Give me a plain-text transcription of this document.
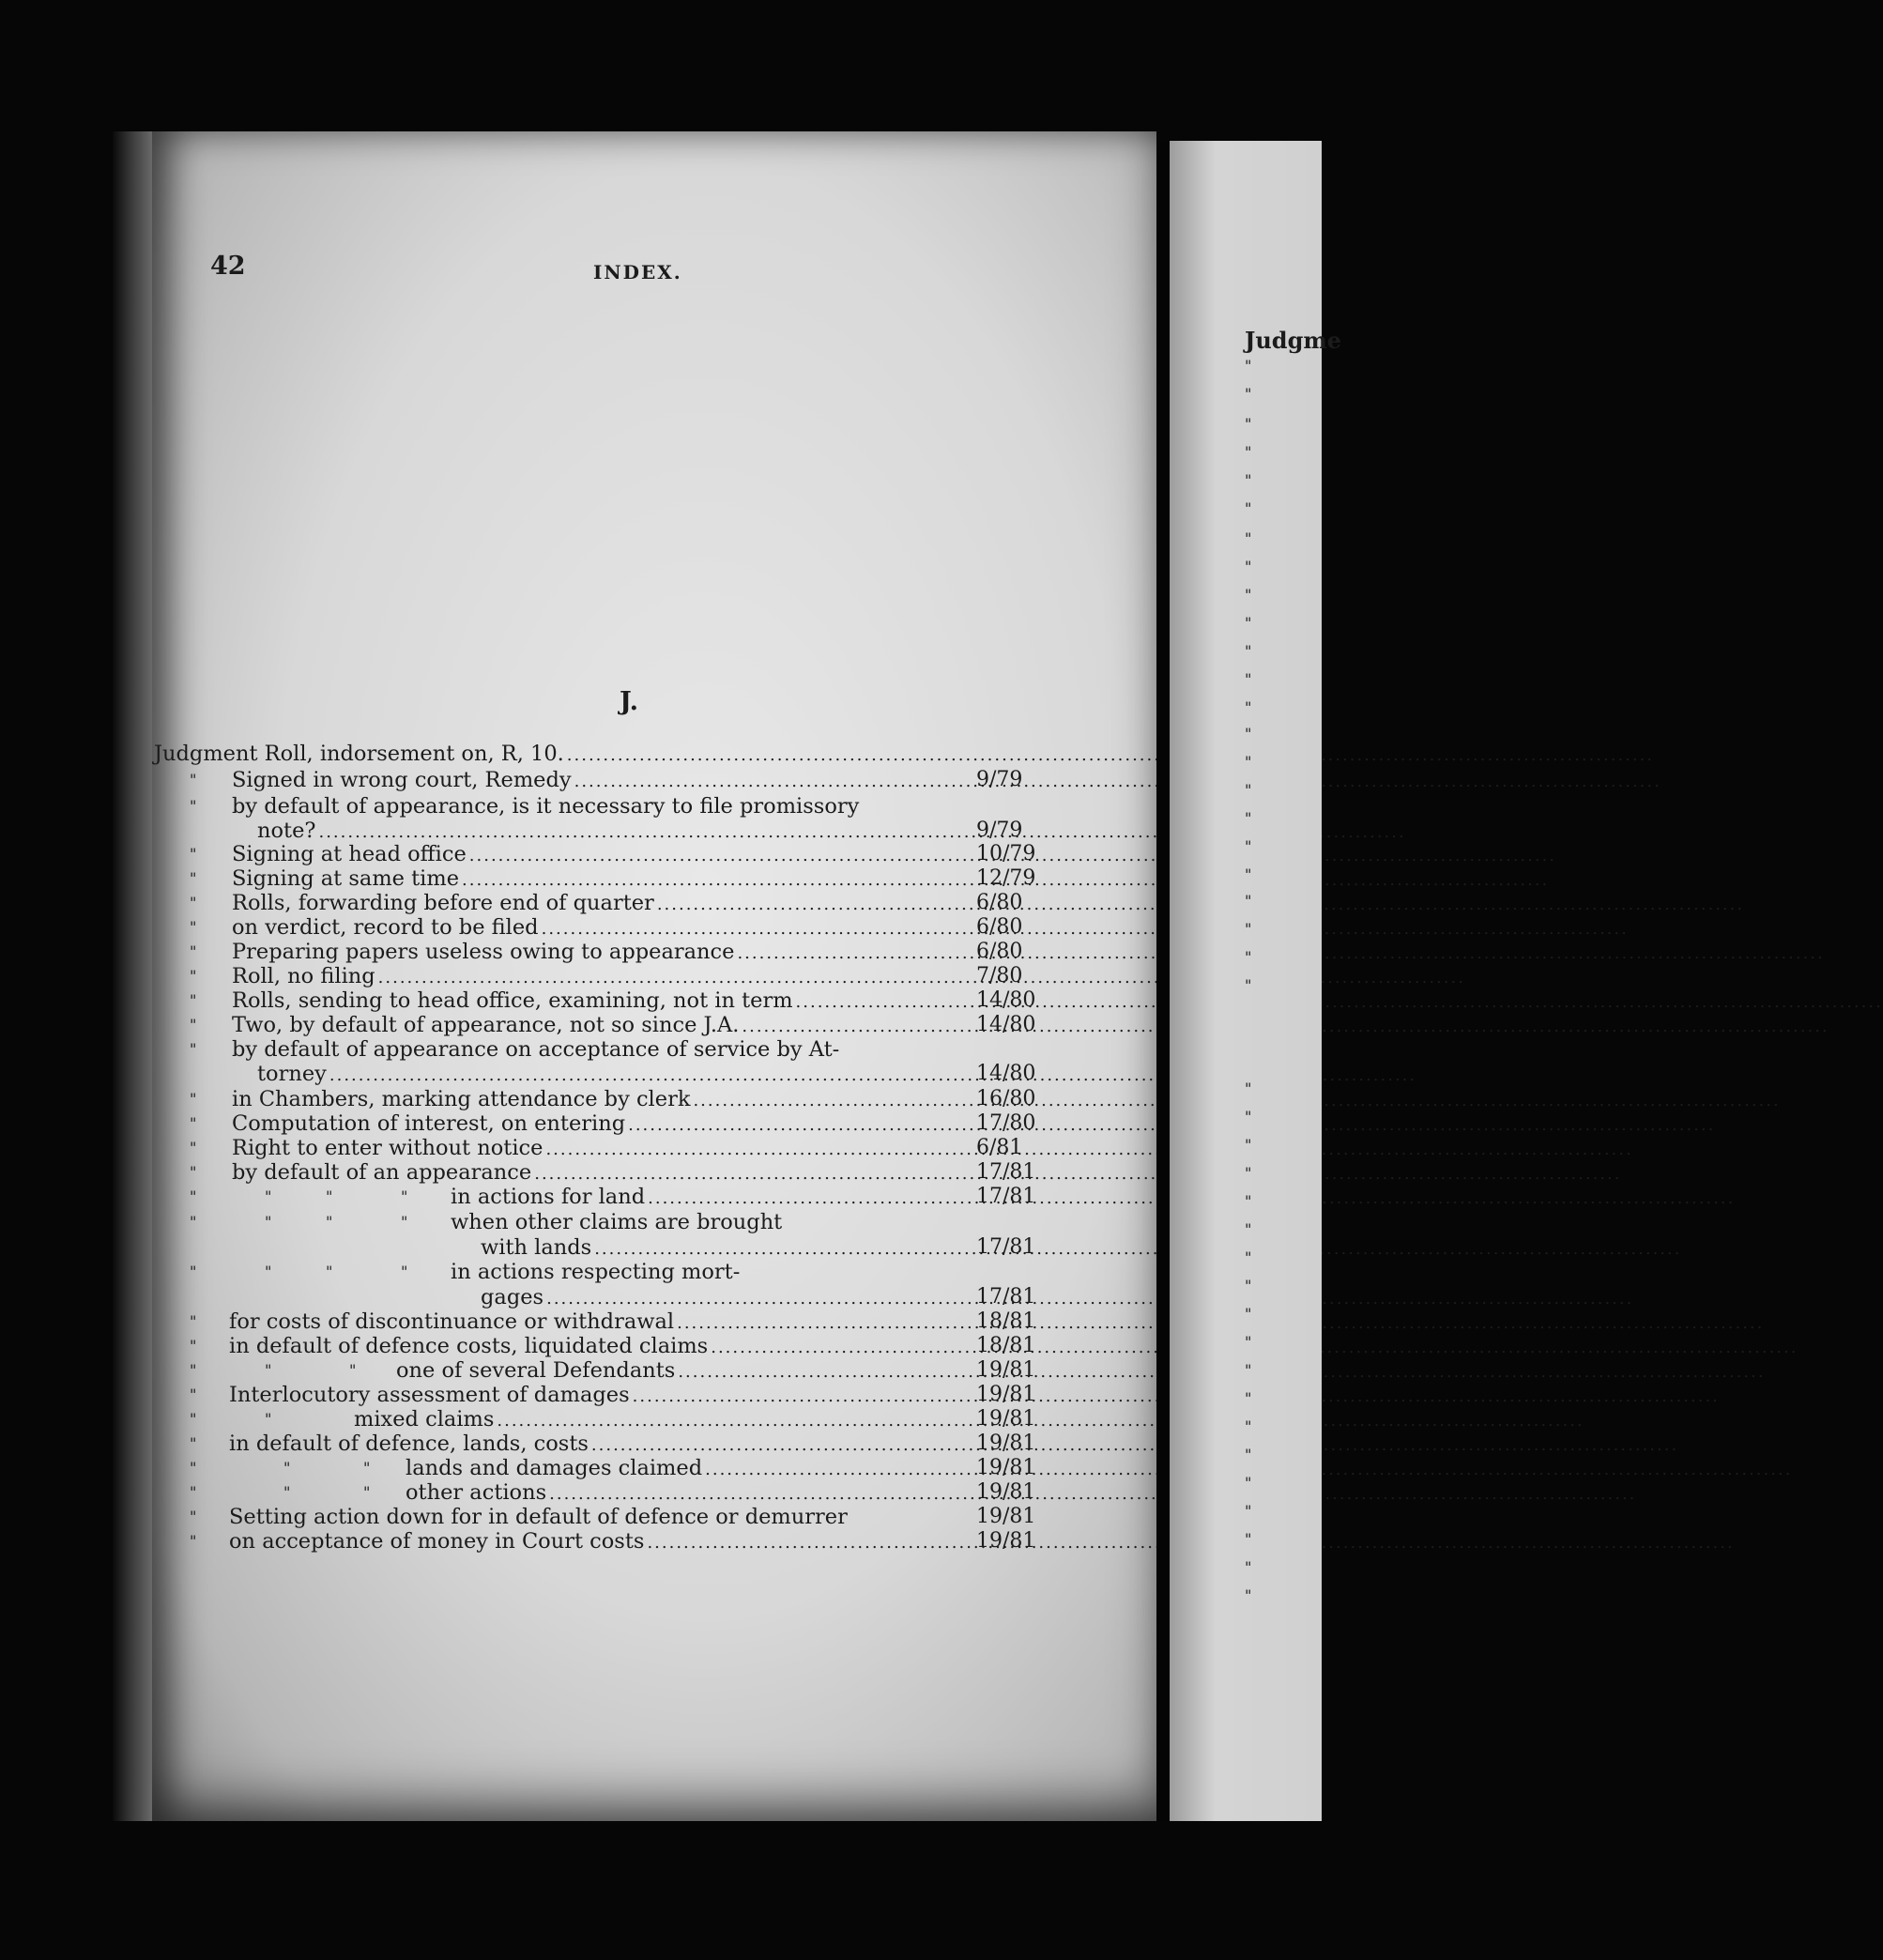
42	INDEX.
J.
Judgment Roll, indorsement on, R, 10.
.....
" Signed in wrong court, Remedy .....	9/79
" by default of appearance, is it necessary to file promissory
note? .....	9/79
" Signing at head office .....	10/79
" Signing at same time .....	12/79
" Rolls, forwarding before end of quarter .....	6/80
" on verdict, record to be filed .....	6/80
" Preparing papers useless owing to appearance .....	6/80
" Roll, no filing .....	7/80
" Rolls, sending to head office, examining, not in term .....	14/80
" Two, by default of appearance, not so since J.A. .....	14/80
" by default of appearance on acceptance of service by At-
torney .....	14/80
" in Chambers, marking attendance by clerk .....	16/80
" Computation of interest, on entering .....	17/80
" Right to enter without notice .....	6/81
" by default of an appearance .....	17/81
"	"	"	" in actions for land .....	17/81
"	"	"	" when other claims are brought
with lands .....	17/81
"	"	"	" in actions respecting mort-
gages .....	17/81
" for costs of discontinuance or withdrawal .....	18/81
" in default of defence costs, liquidated claims .....	18/81
"	"	" one of several Defendants .....	19/81
" Interlocutory assessment of damages .....	19/81
"	"	mixed claims .....	19/81
" in default of defence, lands, costs .....	19/81
"	"	" lands and damages claimed .....	19/81
"	"	" other actions .....	19/81
" Setting action down for in default of defence or demurrer	19/81
" on acceptance of money in Court costs .....	19/81
Judgme
"
"
"
"
"
"
"
"
"
"
"
"
"
"
"
"
"
"
"
"
"
"
"
"
"
"
"
"
"
"
"
"
"
"
"
"
"
"
"
"
"
"
